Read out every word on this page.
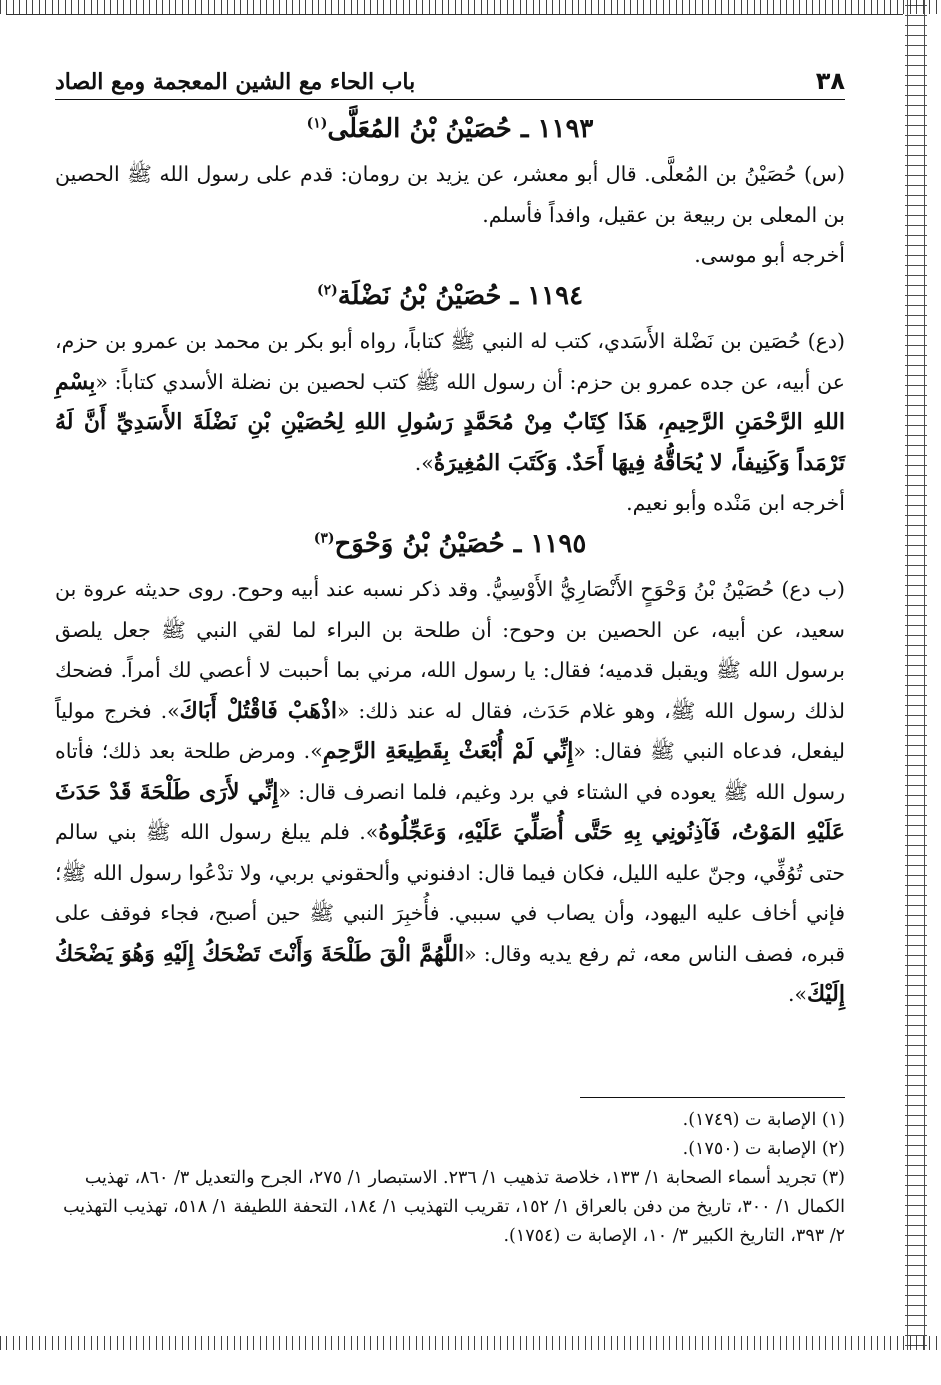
٣٨
باب الحاء مع الشين المعجمة ومع الصاد
١١٩٣ ـ حُصَيْنُ بْنُ المُعَلَّى$^{(١)}$

(س) حُصَيْنُ بن المُعلَّى. قال أبو معشر، عن يزيد بن رومان: قدم على رسول الله ﷺ الحصين بن المعلى بن ربيعة بن عقيل، وافداً فأسلم.

أخرجه أبو موسى.

١١٩٤ ـ حُصَيْنُ بْنُ نَضْلَة$^{(٢)}$

(دع) حُصَين بن نَضْلة الأَسَدي، كتب له النبي ﷺ كتاباً، رواه أبو بكر بن محمد بن عمرو بن حزم، عن أبيه، عن جده عمرو بن حزم: أن رسول الله ﷺ كتب لحصين بن نضلة الأسدي كتاباً: «بِسْمِ اللهِ الرَّحْمَنِ الرَّحِيمِ، هَذَا كِتَابٌ مِنْ مُحَمَّدٍ رَسُولِ اللهِ لِحُصَيْنِ بْنِ نَضْلَةَ الأَسَدِيِّ أَنَّ لَهُ تَرْمَداً وَكَنِيفاً، لا يُحَاقُّهُ فِيهَا أَحَدٌ. وَكَتَبَ المُغِيرَةُ».

أخرجه ابن مَنْده وأبو نعيم.

١١٩٥ ـ حُصَيْنُ بْنُ وَحْوَح$^{(٣)}$

(ب دع) حُصَيْنُ بْنُ وَحْوَحٍ الأَنْصَارِيُّ الأَوْسِيُّ. وقد ذكر نسبه عند أبيه وحوح. روى حديثه عروة بن سعيد، عن أبيه، عن الحصين بن وحوح: أن طلحة بن البراء لما لقي النبي ﷺ جعل يلصق برسول الله ﷺ ويقبل قدميه؛ فقال: يا رسول الله، مرني بما أحببت لا أعصي لك أمراً. فضحك لذلك رسول الله ﷺ، وهو غلام حَدَث، فقال له عند ذلك: «اذْهَبْ فَاقْتُلْ أَبَاكَ». فخرج مولياً ليفعل، فدعاه النبي ﷺ فقال: «إِنِّي لَمْ أُبْعَثْ بِقَطِيعَةِ الرَّحِمِ». ومرض طلحة بعد ذلك؛ فأتاه رسول الله ﷺ يعوده في الشتاء في برد وغيم، فلما انصرف قال: «إِنِّي لأَرَى طَلْحَةَ قَدْ حَدَثَ عَلَيْهِ المَوْتُ، فَآذِنُونِي بِهِ حَتَّى أُصَلِّيَ عَلَيْهِ، وَعَجِّلُوهُ». فلم يبلغ رسول الله ﷺ بني سالم حتى تُوُفِّي، وجنّ عليه الليل، فكان فيما قال: ادفنوني وألحقوني بربي، ولا تدْعُوا رسول الله ﷺ؛ فإني أخاف عليه اليهود، وأن يصاب في سببي. فأُخبِرَ النبي ﷺ حين أصبح، فجاء فوقف على قبره، فصف الناس معه، ثم رفع يديه وقال: «اللَّهُمَّ الْقَ طَلْحَةَ وَأَنْتَ تَضْحَكُ إِلَيْهِ وَهُوَ يَضْحَكُ إِلَيْكَ».

(١) الإصابة ت (١٧٤٩).
(٢) الإصابة ت (١٧٥٠).
(٣) تجريد أسماء الصحابة ١/ ١٣٣، خلاصة تذهيب ١/ ٢٣٦. الاستبصار ١/ ٢٧٥، الجرح والتعديل ٣/ ٨٦٠، تهذيب الكمال ١/ ٣٠٠، تاريخ من دفن بالعراق ١/ ١٥٢، تقريب التهذيب ١/ ١٨٤، التحفة اللطيفة ١/ ٥١٨، تهذيب التهذيب ٢/ ٣٩٣، التاريخ الكبير ٣/ ١٠، الإصابة ت (١٧٥٤).
